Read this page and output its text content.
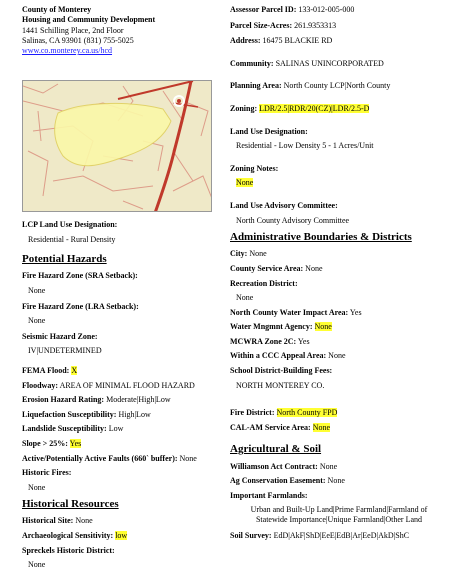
County of Monterey
Housing and Community Development
1441 Schilling Place, 2nd Floor
Salinas, CA 93901 (831) 755-5025
www.co.monterey.ca.us/hcd
LCP Land Use Designation:
Residential - Rural Density
Potential Hazards
Fire Hazard Zone (SRA Setback):
None
Fire Hazard Zone (LRA Setback):
None
Seismic Hazard Zone:
IV|UNDETERMINED
FEMA Flood: X
Floodway: AREA OF MINIMAL FLOOD HAZARD
Erosion Hazard Rating: Moderate|High|Low
Liquefaction Susceptibility: High|Low
Landslide Susceptibility: Low
Slope > 25%: Yes
Active/Potentially Active Faults (660` buffer): None
Historic Fires:
None
Historical Resources
Historical Site: None
Archaeological Sensitivity: low
Spreckels Historic District:
None
Assessor Parcel ID: 133-012-005-000
Parcel Size-Acres: 261.9353313
Address: 16475 BLACKIE RD
Community: SALINAS UNINCORPORATED
Planning Area: North County LCP|North County
Zoning: LDR/2.5|RDR/20(CZ)|LDR/2.5-D
Land Use Designation:
Residential - Low Density 5 - 1 Acres/Unit
Zoning Notes:
None
Land Use Advisory Committee:
North County Advisory Committee
Administrative Boundaries & Districts
City: None
County Service Area: None
Recreation District:
None
North County Water Impact Area: Yes
Water Mngmnt Agency: None
MCWRA Zone 2C: Yes
Within a CCC Appeal Area: None
School District-Building Fees:
NORTH MONTEREY CO.
Fire District: North County FPD
CAL-AM Service Area: None
Agricultural & Soil
Williamson Act Contract: None
Ag Conservation Easement: None
Important Farmlands:
Urban and Built-Up Land|Prime Farmland|Farmland of Statewide Importance|Unique Farmland|Other Land
Soil Survey: EdD|AkF|ShD|EeE|EdB|Ar|EeD|AkD|ShC
